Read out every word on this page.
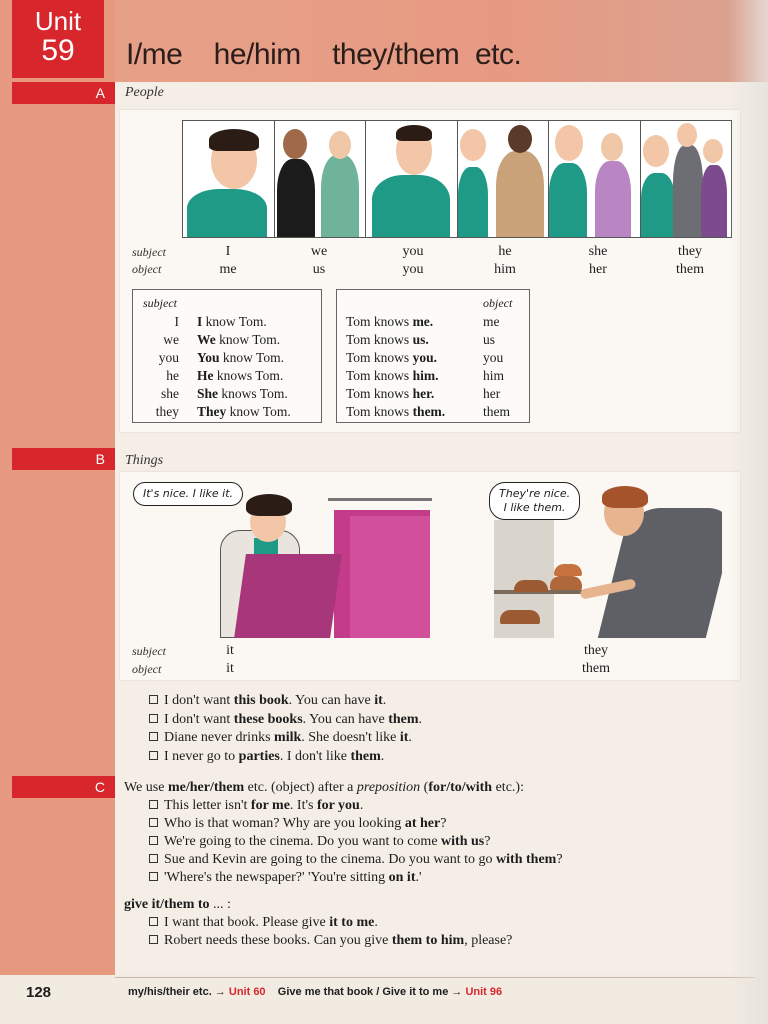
Unit
59	I/me    he/him    they/them  etc.
A	People
subject
object
I	we	you	he	she	they
me	us	you	him	her	them
subject
I I know Tom.
we We know Tom.
you You know Tom.
he He knows Tom.
she She knows Tom.
they They know Tom.
object
Tom knows me.	me
Tom knows us.	us
Tom knows you.	you
Tom knows him.	him
Tom knows her.	her
Tom knows them.	them
B	Things
It's nice. I like it.	They're nice.
I like them.
subject
object
it
it
they
them
I don't want this book. You can have it.
I don't want these books. You can have them.
Diane never drinks milk. She doesn't like it.
I never go to parties. I don't like them.
C	We use me/her/them etc. (object) after a preposition (for/to/with etc.):
This letter isn't for me. It's for you.
Who is that woman? Why are you looking at her?
We're going to the cinema. Do you want to come with us?
Sue and Kevin are going to the cinema. Do you want to go with them?
'Where's the newspaper?' 'You're sitting on it.'
give it/them to ... :
I want that book. Please give it to me.
Robert needs these books. Can you give them to him, please?
128	my/his/their etc. → Unit 60 Give me that book / Give it to me → Unit 96
